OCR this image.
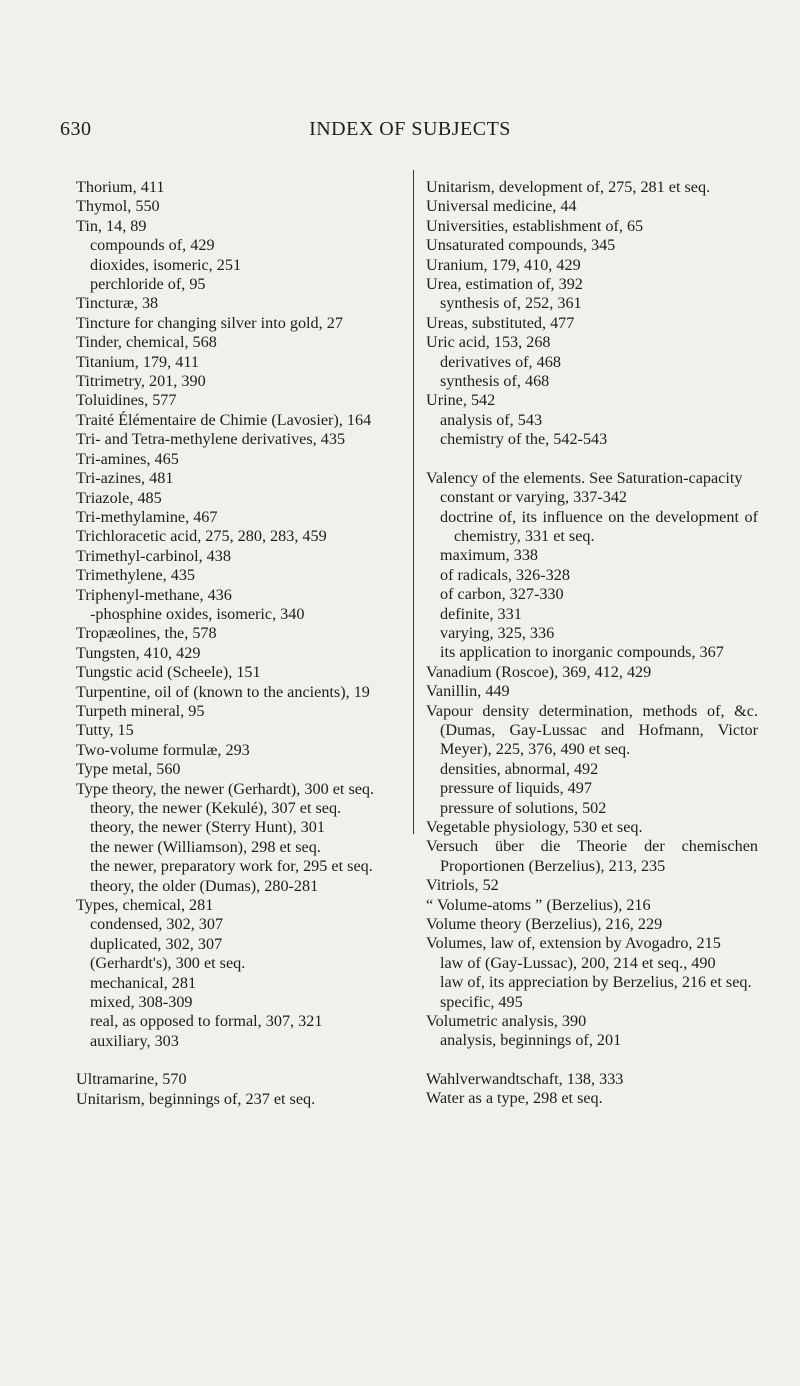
630	INDEX OF SUBJECTS
Thorium, 411
Thymol, 550
Tin, 14, 89
compounds of, 429
dioxides, isomeric, 251
perchloride of, 95
Tincturæ, 38
Tincture for changing silver into gold, 27
Tinder, chemical, 568
Titanium, 179, 411
Titrimetry, 201, 390
Toluidines, 577
Traité Élémentaire de Chimie (Lavosier), 164
Tri- and Tetra-methylene derivatives, 435
Tri-amines, 465
Tri-azines, 481
Triazole, 485
Tri-methylamine, 467
Trichloracetic acid, 275, 280, 283, 459
Trimethyl-carbinol, 438
Trimethylene, 435
Triphenyl-methane, 436
-phosphine oxides, isomeric, 340
Tropæolines, the, 578
Tungsten, 410, 429
Tungstic acid (Scheele), 151
Turpentine, oil of (known to the ancients), 19
Turpeth mineral, 95
Tutty, 15
Two-volume formulæ, 293
Type metal, 560
Type theory, the newer (Gerhardt), 300 et seq.
theory, the newer (Kekulé), 307 et seq.
theory, the newer (Sterry Hunt), 301
the newer (Williamson), 298 et seq.
the newer, preparatory work for, 295 et seq.
theory, the older (Dumas), 280-281
Types, chemical, 281
condensed, 302, 307
duplicated, 302, 307
(Gerhardt's), 300 et seq.
mechanical, 281
mixed, 308-309
real, as opposed to formal, 307, 321
auxiliary, 303
Ultramarine, 570
Unitarism, beginnings of, 237 et seq.
Unitarism, development of, 275, 281 et seq.
Universal medicine, 44
Universities, establishment of, 65
Unsaturated compounds, 345
Uranium, 179, 410, 429
Urea, estimation of, 392
synthesis of, 252, 361
Ureas, substituted, 477
Uric acid, 153, 268
derivatives of, 468
synthesis of, 468
Urine, 542
analysis of, 543
chemistry of the, 542-543
Valency of the elements. See Saturation-capacity
constant or varying, 337-342
doctrine of, its influence on the development of chemistry, 331 et seq.
maximum, 338
of radicals, 326-328
of carbon, 327-330
definite, 331
varying, 325, 336
its application to inorganic compounds, 367
Vanadium (Roscoe), 369, 412, 429
Vanillin, 449
Vapour density determination, methods of, &c. (Dumas, Gay-Lussac and Hofmann, Victor Meyer), 225, 376, 490 et seq.
densities, abnormal, 492
pressure of liquids, 497
pressure of solutions, 502
Vegetable physiology, 530 et seq.
Versuch über die Theorie der chemischen Proportionen (Berzelius), 213, 235
Vitriols, 52
“ Volume-atoms ” (Berzelius), 216
Volume theory (Berzelius), 216, 229
Volumes, law of, extension by Avogadro, 215
law of (Gay-Lussac), 200, 214 et seq., 490
law of, its appreciation by Berzelius, 216 et seq.
specific, 495
Volumetric analysis, 390
analysis, beginnings of, 201
Wahlverwandtschaft, 138, 333
Water as a type, 298 et seq.
